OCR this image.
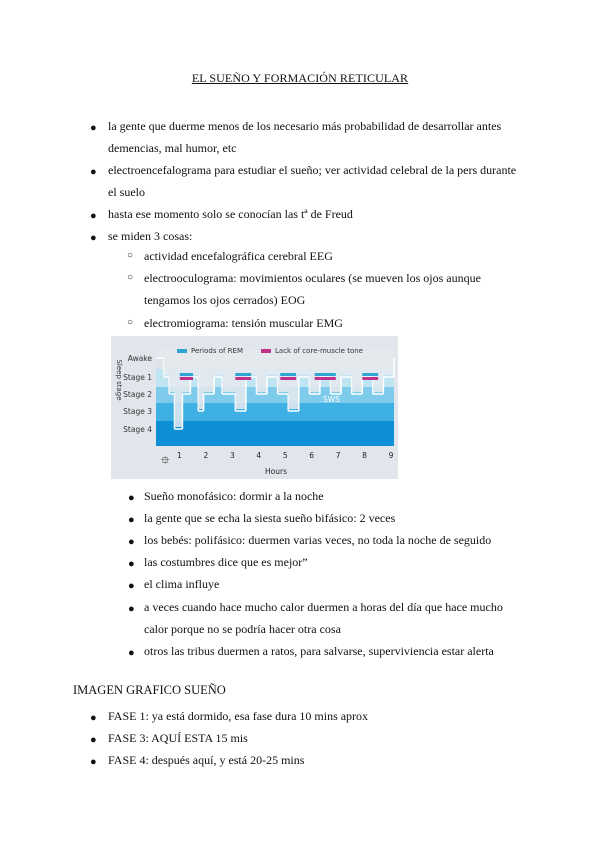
EL SUEÑO Y FORMACIÓN RETICULAR
● la gente que duerme menos de los necesario más probabilidad de desarrollar antes
demencias, mal humor, etc
● electroencefalograma para estudiar el sueño; ver actividad celebral de la pers durante
el suelo
● hasta ese momento solo se conocían las tª de Freud
● se miden 3 cosas:
○ actividad encefalográfica cerebral EEG
○ electrooculograma: movimientos oculares (se mueven los ojos aunque
tengamos los ojos cerrados) EOG
○ electromiograma: tensión muscular EMG
Awake
Stage 1
Stage 2
Stage 3
Stage 4
Sleep stage
1	2	3	4	5	6	7	8	9
Hours
Periods of REM	Lack of core-muscle tone
SWS
⯐
● Sueño monofásico: dormir a la noche
● la gente que se echa la siesta sueño bifásico: 2 veces
● los bebés: polifásico: duermen varias veces, no toda la noche de seguido
● las costumbres dice que es mejor”
● el clima influye
● a veces cuando hace mucho calor duermen a horas del día que hace mucho
calor porque no se podría hacer otra cosa
● otros las tribus duermen a ratos, para salvarse, superviviencia estar alerta
IMAGEN GRAFICO SUEÑO
● FASE 1: ya está dormido, esa fase dura 10 mins aprox
● FASE 3: AQUÍ ESTA 15 mis
● FASE 4: después aquí, y está 20-25 mins
